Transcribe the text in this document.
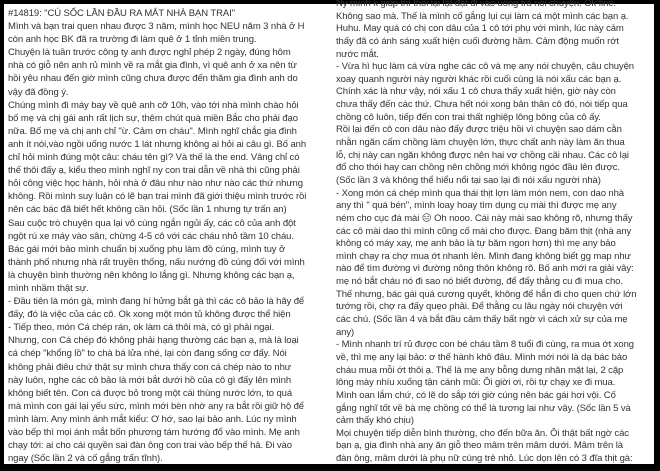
#14819: "CÚ SỐC LẦN ĐẦU RA MẮT NHÀ BẠN TRAI"
Mình và bạn trai quen nhau được 3 năm, mình học NEU năm 3 nhà ở H
còn anh học BK đã ra trường đi làm quê ở 1 tỉnh miền trung.
Chuyện là tuần trước công ty anh được nghỉ phép 2 ngày, đúng hôm
nhà có giỗ nên anh rủ mình về ra mắt gia đình, vì quê anh ở xa nên từ
hồi yêu nhau đến giờ mình cũng chưa được đến thăm gia đình anh do
vậy đã đồng ý.
Chúng mình đi máy bay về quê anh cỡ 10h, vào tới nhà mình chào hỏi
bố mẹ và chị gái anh rất lịch sự, thêm chút quà miền Bắc cho phải đạo
nữa. Bố mẹ và chị anh chỉ "ừ. Cảm ơn cháu". Mình nghĩ chắc gia đình
anh ít nói,vào ngồi uống nước 1 lát nhưng không ai hỏi ai câu gì. Bố anh
chỉ hỏi mình đúng một câu: cháu tên gì? Và thế là the end. Vâng chỉ có
thế thôi đấy ạ, kiểu theo mình nghĩ ny con trai dẫn về nhà thì cũng phải
hỏi công việc học hành, hỏi nhà ở đâu như nào như nào các thứ nhưng
không. Rồi mình suy luận có lẽ bạn trai mình đã giới thiệu mình trước rồi
nên các bác đã biết hết không cần hỏi. (Sốc lần 1 nhưng tự trấn an)
Sau cuộc trò chuyện qua lại vô cùng ngắn ngủi ấy, các cô của anh đột
ngột rú xe máy vào sân, chừng 4-5 cô với các cháu nhỏ tầm 10 cháu.
Bác gái mới bảo mình chuẩn bị xuống phụ làm đồ cúng, mình tuy ở
thành phố nhưng nhà rất truyền thống, nấu nướng đồ cúng đối với mình
là chuyện bình thường nên không lo lắng gì. Nhưng không các bạn ạ,
mình nhầm thật sự.
- Đầu tiên là món gà, mình đang hí hửng bắt gà thì các cô bảo là hãy để
đấy, đó là việc của các cô. Ok xong một món tủ không được thể hiện
- Tiếp theo, món Cá chép rán, ok làm cá thôi mà, có gì phải ngại.
Nhưng, con Cá chép đó không phải hạng thường các bạn ạ, mà là loại
cá chép "khổng lồ" to chà bá lửa nhé, lại còn đang sống cơ đấy. Nói
không phải điêu chứ thật sự mình chưa thấy con cá chép nào to như
này luôn, nghe các cô bảo là mới bắt dưới hồ của cô gì đấy lên mình
không biết tên. Con cá được bỏ trong một cái thùng nước lớn, to quá
mà mình con gái lại yếu sức, mình mới bèn nhờ any ra bắt rồi giữ hộ để
mình làm. Any mình ánh mắt kiểu: Ơ hớ, sao lại bảo anh. Lúc ny mình
vào bếp thì mọi ánh mắt bốn phương tám hướng đổ vào mình. Mẹ anh
chạy tới: ai cho cái quyền sai đàn ông con trai vào bếp thế hả. Đi vào
ngay (Sốc lần 2 và cố gắng trấn tĩnh).
Ny mình k giúp thì thôi lại lật đật đi vào uống trà nói chuyện. Ok fine.
Không sao mà. Thế là mình cố gắng lụi cụi làm cá một mình các bạn ạ.
Huhu. May quá có chị con dâu của 1 cô tới phụ với mình, lúc này cảm
thấy đã có ánh sáng xuất hiện cuối đường hầm. Cảm động muốn rớt
nước mắt.
- Vừa hì hục làm cá vừa nghe các cô và mẹ any nói chuyện, câu chuyện
xoay quanh người này người khác rồi cuối cùng là nói xấu các bạn ạ.
Chính xác là như vậy, nói xấu 1 cô chưa thấy xuất hiện, giờ này còn
chưa thấy đến các thứ. Chưa hết nói xong bản thân cô đó, nói tiếp qua
chồng cô luôn, tiếp đến con trai thất nghiệp lông bông của cô ấy.
Rồi lại đến cô con dâu nào đấy được triệu hồi vì chuyện sao dám cằn
nhằn ngăn cấm chồng làm chuyện lớn, thực chất anh này làm ăn thua
lỗ, chị này can ngăn không được nên hai vợ chồng cãi nhau. Các cô lại
đổ cho thói hay can chồng nên chồng mới không ngóc đầu lên được.
(Sốc lần 3 và không thể hiểu nổi tại sao lại đi nói xấu người nhà)
- Xong món cá chép mình qua thái thịt lợn làm món nem, con dao nhà
any thì " quá bén", mình loay hoay tìm dụng cụ mài thì được mẹ any
ném cho cục đá mài 😑 Oh nooo. Cái này mài sao không rõ, nhưng thấy
các cô mài dao thì mình cũng cố mài cho được. Đang băm thịt (nhà any
không có máy xay, mẹ anh bảo là tự băm ngon hơn) thì mẹ any bảo
mình chạy ra chợ mua ớt nhanh lên. Mình đang không biết gg map như
nào để tìm đường vì đường nông thôn không rõ. Bố anh mới ra giải vây:
mẹ nó bắt cháu nó đi sao nó biết đường, để đấy thằng cu đi mua cho.
Thế nhưng, bác gái quá cương quyết, không để hắn đi cho quen chứ lớn
tướng rồi, chợ ra đấy quẹo phải. Để thằng cu lâu ngày nói chuyện với
các chú. (Sốc lần 4 và bắt đầu cảm thấy bất ngờ vì cách xử sự của mẹ
any)
- Mình nhanh trí rủ được con bé cháu tầm 8 tuổi đi cùng, ra mua ớt xong
về, thì mẹ any lại bảo: ơ thế hành khô đâu. Mình mới nói là dạ bác bảo
cháu mua mỗi ớt thôi ạ. Thế là mẹ any bỗng dưng nhăn mặt lại, 2 cặp
lông mày nhíu xuống tận cánh mũi: Ôi giời ơi, rồi tự chạy xe đi mua.
Mình oan lắm chứ, có lẽ do sắp tới giờ cúng nên bác gái hơi vội. Cố
gắng nghĩ tốt về bà mẹ chồng có thể là tương lai như vậy. (Sốc lần 5 và
cảm thấy khó chịu)
Mọi chuyện tiếp diễn bình thường, cho đến bữa ăn. Ôi thật bất ngờ các
bạn ạ, gia đình nhà any ăn giỗ theo mâm trên mâm dưới. Mâm trên là
đàn ông, mâm dưới là phụ nữ cùng trẻ nhỏ. Lúc dọn lên có 3 đĩa thịt gà:
